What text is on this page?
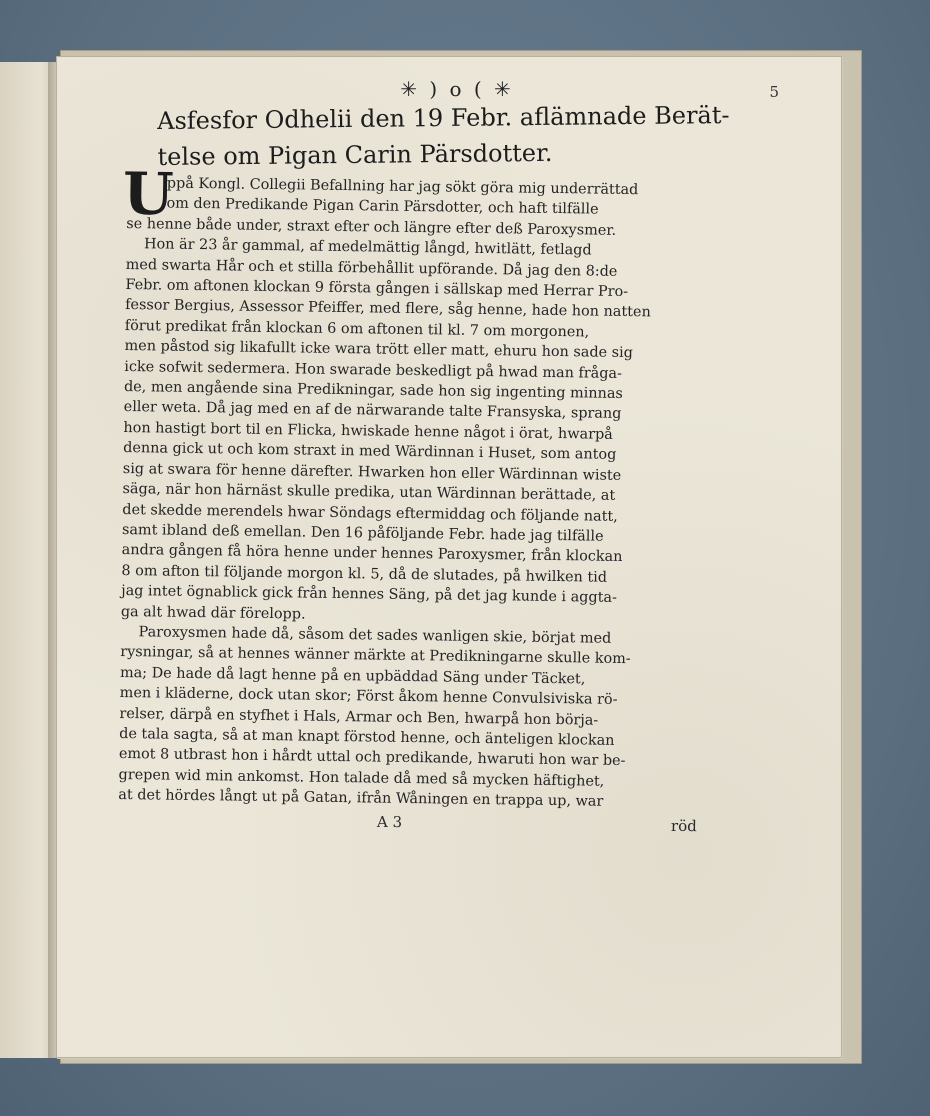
✳ ) o ( ✳	5
Asfesfor Odhelii den 19 Febr. aflämnade Berät-
telse om Pigan Carin Pärsdotter.
U
ppå Kongl. Collegii Befallning har jag sökt göra mig underrättad
om den Predikande Pigan Carin Pärsdotter, och haft tilfälle
se henne både under, straxt efter och längre efter deß Paroxysmer.
Hon är 23 år gammal, af medelmättig långd, hwitlätt, fetlagd
med swarta Hår och et stilla förbehållit upförande. Då jag den 8:de
Febr. om aftonen klockan 9 första gången i sällskap med Herrar Pro-
fessor Bergius, Assessor Pfeiffer, med flere, såg henne, hade hon natten
förut predikat från klockan 6 om aftonen til kl. 7 om morgonen,
men påstod sig likafullt icke wara trött eller matt, ehuru hon sade sig
icke sofwit sedermera. Hon swarade beskedligt på hwad man fråga-
de, men angående sina Predikningar, sade hon sig ingenting minnas
eller weta. Då jag med en af de närwarande talte Fransyska, sprang
hon hastigt bort til en Flicka, hwiskade henne något i örat, hwarpå
denna gick ut och kom straxt in med Wärdinnan i Huset, som antog
sig at swara för henne därefter. Hwarken hon eller Wärdinnan wiste
säga, när hon härnäst skulle predika, utan Wärdinnan berättade, at
det skedde merendels hwar Söndags eftermiddag och följande natt,
samt ibland deß emellan. Den 16 påföljande Febr. hade jag tilfälle
andra gången få höra henne under hennes Paroxysmer, från klockan
8 om afton til följande morgon kl. 5, då de slutades, på hwilken tid
jag intet ögnablick gick från hennes Säng, på det jag kunde i aggta-
ga alt hwad där förelopp.
Paroxysmen hade då, såsom det sades wanligen skie, börjat med
rysningar, så at hennes wänner märkte at Predikningarne skulle kom-
ma; De hade då lagt henne på en upbäddad Säng under Täcket,
men i kläderne, dock utan skor; Först åkom henne Convulsiviska rö-
relser, därpå en styfhet i Hals, Armar och Ben, hwarpå hon börja-
de tala sagta, så at man knapt förstod henne, och änteligen klockan
emot 8 utbrast hon i hårdt uttal och predikande, hwaruti hon war be-
grepen wid min ankomst. Hon talade då med så mycken häftighet,
at det hördes långt ut på Gatan, ifrån Wåningen en trappa up, war
A 3	röd
